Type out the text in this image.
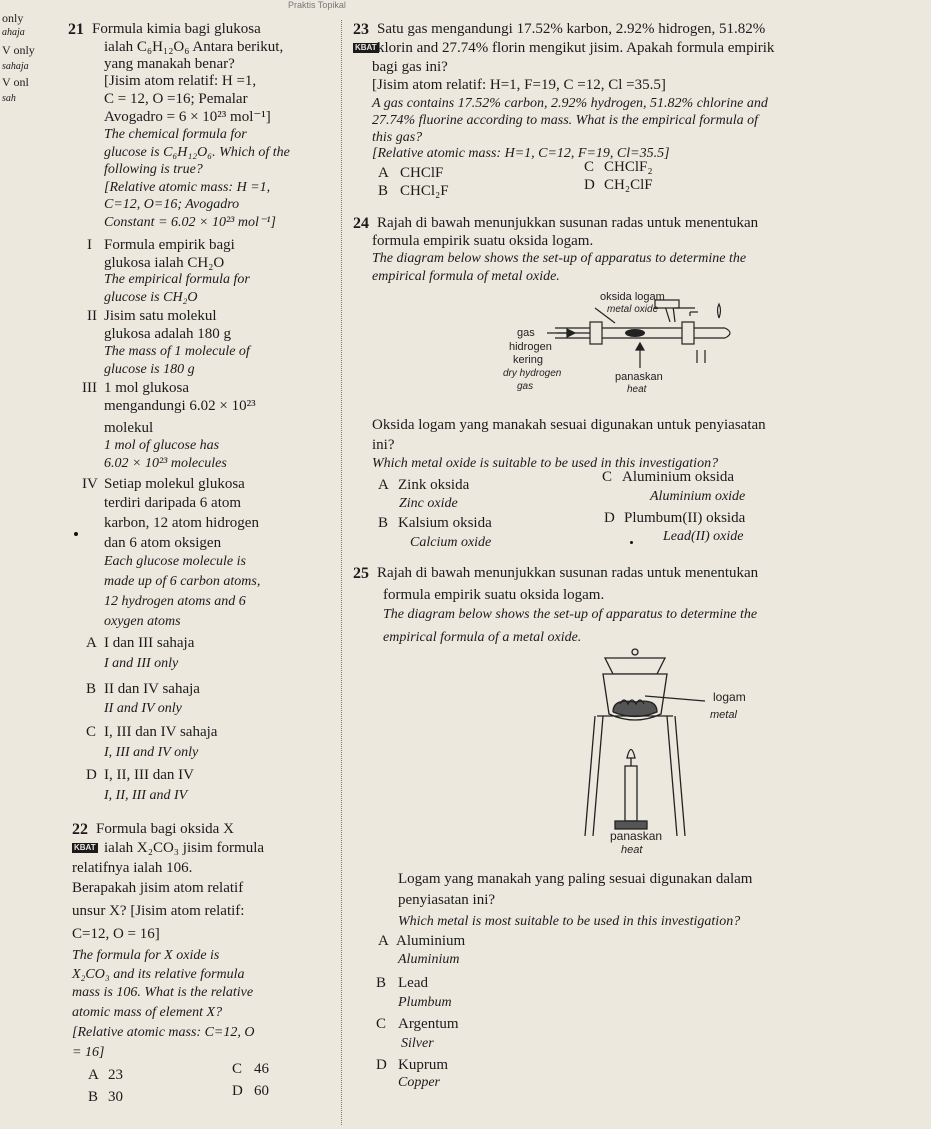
Praktis Topikal
only
ahaja
V only
sahaja
V onl
sah
21 Formula kimia bagi glukosa
ialah C₆H₁₂O₆ Antara berikut,
yang manakah benar?
[Jisim atom relatif: H =1,
C = 12, O =16; Pemalar
Avogadro = 6 × 10²³ mol⁻¹]
The chemical formula for
glucose is C₆H₁₂O₆. Which of the
following is true?
[Relative atomic mass: H =1,
C=12, O=16; Avogadro
Constant = 6.02 × 10²³ mol⁻¹]
I Formula empirik bagi
glukosa ialah CH₂O
The empirical formula for
glucose is CH₂O
II Jisim satu molekul
glukosa adalah 180 g
The mass of 1 molecule of
glucose is 180 g
III 1 mol glukosa
mengandungi 6.02 × 10²³
molekul
1 mol of glucose has
6.02 × 10²³ molecules
IV Setiap molekul glukosa
terdiri daripada 6 atom
karbon, 12 atom hidrogen
dan 6 atom oksigen
Each glucose molecule is
made up of 6 carbon atoms,
12 hydrogen atoms and 6
oxygen atoms
A I dan III sahaja
I and III only
B II dan IV sahaja
II and IV only
C I, III dan IV sahaja
I, III and IV only
D I, II, III dan IV
I, II, III and IV
22 Formula bagi oksida X
KBAT ialah X₂CO₃ jisim formula
relatifnya ialah 106.
Berapakah jisim atom relatif
unsur X? [Jisim atom relatif:
C=12, O = 16]
The formula for X oxide is
X₂CO₃ and its relative formula
mass is 106. What is the relative
atomic mass of element X?
[Relative atomic mass: C=12, O
= 16]
A 23	C 46
B 30	D 60
23 Satu gas mengandungi 17.52% karbon, 2.92% hidrogen, 51.82%
KBAT klorin and 27.74% florin mengikut jisim. Apakah formula empirik
bagi gas ini?
[Jisim atom relatif: H=1, F=19, C =12, Cl =35.5]
A gas contains 17.52% carbon, 2.92% hydrogen, 51.82% chlorine and
27.74% fluorine according to mass. What is the empirical formula of
this gas?
[Relative atomic mass: H=1, C=12, F=19, Cl=35.5]
A CHClF	C CHClF₂
B CHCl₂F	D CH₂ClF
24 Rajah di bawah menunjukkan susunan radas untuk menentukan
formula empirik suatu oksida logam.
The diagram below shows the set-up of apparatus to determine the
empirical formula of metal oxide.
oksida logam
metal oxide
gas
hidrogen
kering
dry hydrogen
gas
panaskan
heat
Oksida logam yang manakah sesuai digunakan untuk penyiasatan
ini?
Which metal oxide is suitable to be used in this investigation?
A Zink oksida
Zinc oxide
C Aluminium oksida
Aluminium oxide
B Kalsium oksida
Calcium oxide
D Plumbum(II) oksida
Lead(II) oxide
25 Rajah di bawah menunjukkan susunan radas untuk menentukan
formula empirik suatu oksida logam.
The diagram below shows the set-up of apparatus to determine the
empirical formula of a metal oxide.
logam
metal
panaskan
heat
Logam yang manakah yang paling sesuai digunakan dalam
penyiasatan ini?
Which metal is most suitable to be used in this investigation?
A Aluminium
Aluminium
B Lead
Plumbum
C Argentum
Silver
D Kuprum
Copper
